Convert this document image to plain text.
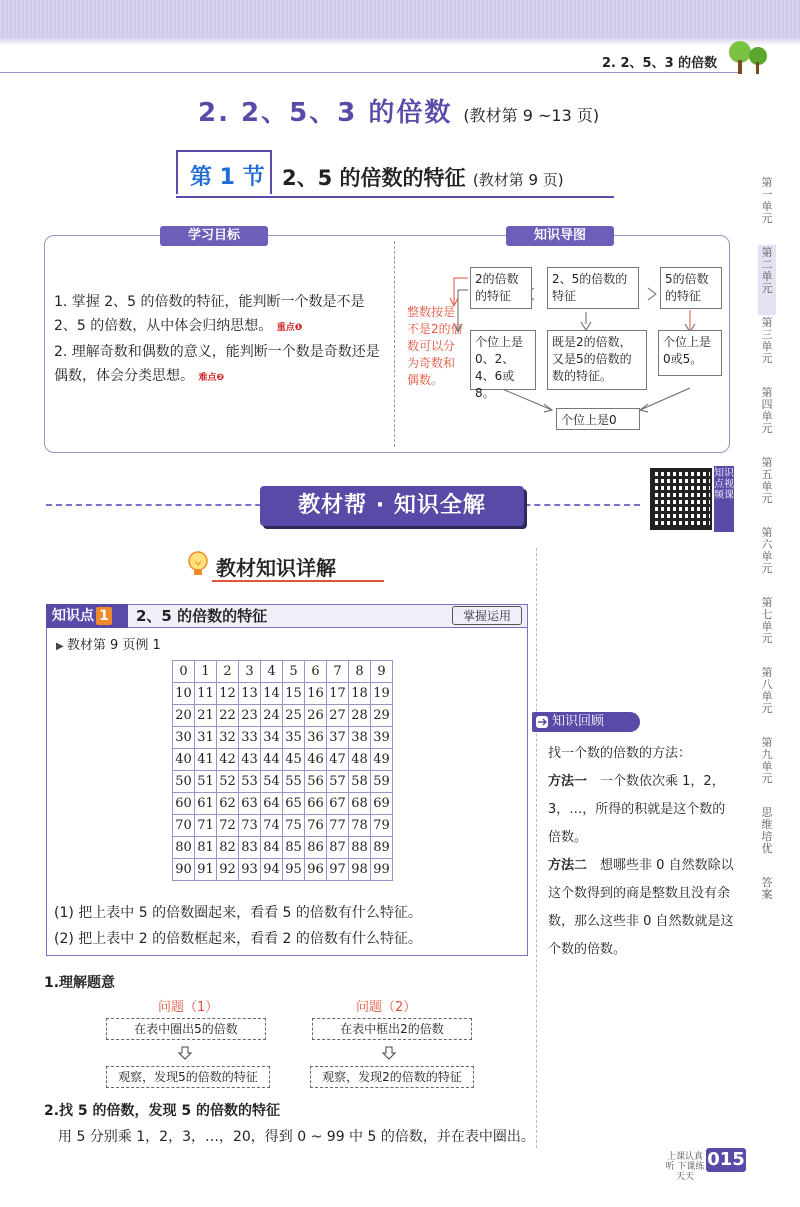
2. 2、5、3 的倍数
2. 2、5、3 的倍数 (教材第 9 ~13 页)
第 1 节 2、5 的倍数的特征 (教材第 9 页)	第一单元
第二单元
第三单元
第四单元
第五单元
第六单元
第七单元
第八单元
第九单元
思维培优
答案
学习目标	知识导图
1. 掌握 2、5 的倍数的特征，能判断一个数是不是 2、5 的倍数，从中体会归纳思想。 重点❶
2. 理解奇数和偶数的意义，能判断一个数是奇数还是偶数，体会分类思想。 难点❷
2的倍数的特征
2、5的倍数的特征
5的倍数的特征
个位上是0、2、4、6或8。
既是2的倍数，又是5的倍数的数的特征。
个位上是0或5。
个位上是0
整数按是不是2的倍数可以分为奇数和偶数。
教材帮 · 知识全解
知识点视频课
教材知识详解
知识点 1	2、5 的倍数的特征	掌握运用
▶ 教材第 9 页例 1
0	1	2	3	4	5	6	7	8	9
10	11	12	13	14	15	16	17	18	19
20	21	22	23	24	25	26	27	28	29
30	31	32	33	34	35	36	37	38	39
40	41	42	43	44	45	46	47	48	49
50	51	52	53	54	55	56	57	58	59
60	61	62	63	64	65	66	67	68	69
70	71	72	73	74	75	76	77	78	79
80	81	82	83	84	85	86	87	88	89
90	91	92	93	94	95	96	97	98	99
(1) 把上表中 5 的倍数圈起来，看看 5 的倍数有什么特征。
(2) 把上表中 2 的倍数框起来，看看 2 的倍数有什么特征。
1.理解题意
问题（1）	问题（2）
在表中圈出5的倍数	在表中框出2的倍数
观察，发现5的倍数的特征	观察，发现2的倍数的特征
2.找 5 的倍数，发现 5 的倍数的特征
用 5 分别乘 1，2，3，…，20，得到 0 ~ 99 中 5 的倍数，并在表中圈出。
知识回顾
找一个数的倍数的方法：
方法一　 一个数依次乘 1，2，3，…，所得的积就是这个数的倍数。
方法二　 想哪些非 0 自然数除以这个数得到的商是整数且没有余数，那么这些非 0 自然数就是这个数的倍数。
上课认真听 下课练天天
015
